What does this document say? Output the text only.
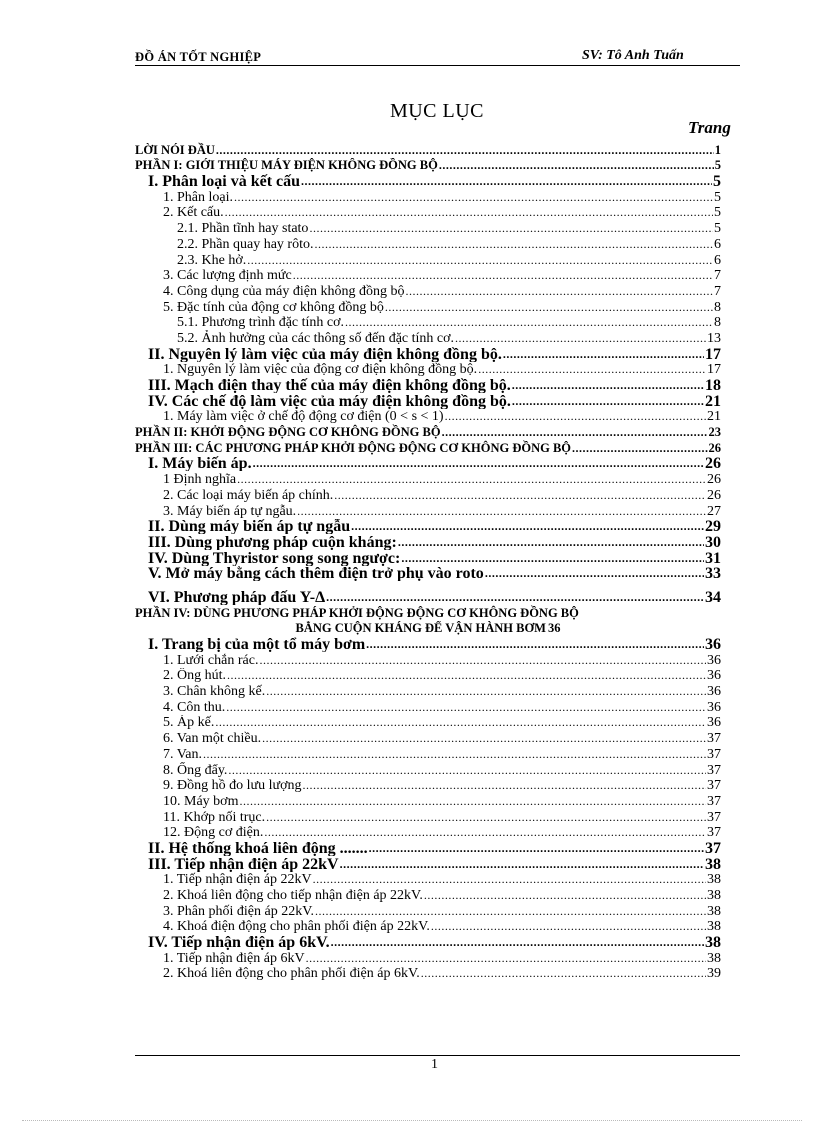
ĐỒ ÁN TỐT NGHIỆP	SV: Tô Anh Tuấn
MỤC LỤC
Trang
LỜI NÓI ĐẦU .....	1
PHẦN I: GIỚI THIỆU MÁY ĐIỆN KHÔNG ĐỒNG BỘ .....	5
I. Phân loại và kết cấu .....	5
1. Phân loại. .....	5
2. Kết cấu. .....	5
2.1. Phần tĩnh hay stato .....	5
2.2. Phần quay hay rôto. .....	6
2.3. Khe hở. .....	6
3. Các lượng định mức .....	7
4. Công dụng của máy điện không đồng bộ .....	7
5. Đặc tính của động cơ không đồng bộ .....	8
5.1. Phương trình đặc tính cơ. .....	8
5.2. Ảnh hưởng của các thông số đến đặc tính cơ. .....	13
II. Nguyên lý làm việc của máy điện không đồng bộ. .....	17
1. Nguyên lý làm việc của động cơ điện không đồng bộ. .....	17
III. Mạch điện thay thế của máy điện không đồng bộ. .....	18
IV. Các chế độ làm việc của máy điện không đồng bộ. .....	21
1. Máy làm việc ở chế độ động cơ điện (0 < s < 1) .....	21
PHẦN II: KHỞI ĐỘNG ĐỘNG CƠ KHÔNG ĐỒNG BỘ .....	23
PHẦN III: CÁC PHƯƠNG PHÁP KHỞI ĐỘNG ĐỘNG CƠ KHÔNG ĐỒNG BỘ .....	26
I. Máy biến áp. .....	26
1 Định nghĩa .....	26
2. Các loại máy biến áp chính. .....	26
3. Máy biến áp tự ngẫu. .....	27
II. Dùng máy biến áp tự ngẫu .....	29
III. Dùng phương pháp cuộn kháng: .....	30
IV. Dùng Thyristor song song ngược: .....	31
V. Mở máy bằng cách thêm điện trở phụ vào roto .....	33
VI. Phương pháp đấu Y-Δ .....	34
PHẦN IV: DÙNG PHƯƠNG PHÁP KHỞI ĐỘNG ĐỘNG CƠ KHÔNG ĐỒNG BỘ
BẰNG CUỘN KHÁNG ĐỂ VẬN HÀNH BƠM 36
I. Trang bị của một tổ máy bơm .....	36
1. Lưới chắn rác. .....	36
2. Ống hút. .....	36
3. Chân không kế. .....	36
4. Côn thu. .....	36
5. Áp kế. .....	36
6. Van một chiều. .....	37
7. Van. .....	37
8. Ống đẩy. .....	37
9. Đồng hồ đo lưu lượng .....	37
10. Máy bơm .....	37
11. Khớp nối trục. .....	37
12. Động cơ điện. .....	37
II. Hệ thống khoá liên động ....... .....	37
III. Tiếp nhận điện áp 22kV .....	38
1. Tiếp nhận điện áp 22kV .....	38
2. Khoá liên động cho tiếp nhận điện áp 22kV. .....	38
3. Phân phối điện áp 22kV. .....	38
4. Khoá điện động cho phân phối điện áp 22kV. .....	38
IV. Tiếp nhận điện áp 6kV. .....	38
1. Tiếp nhận điện áp 6kV .....	38
2. Khoá liên động cho phân phối điện áp 6kV. .....	39
1
